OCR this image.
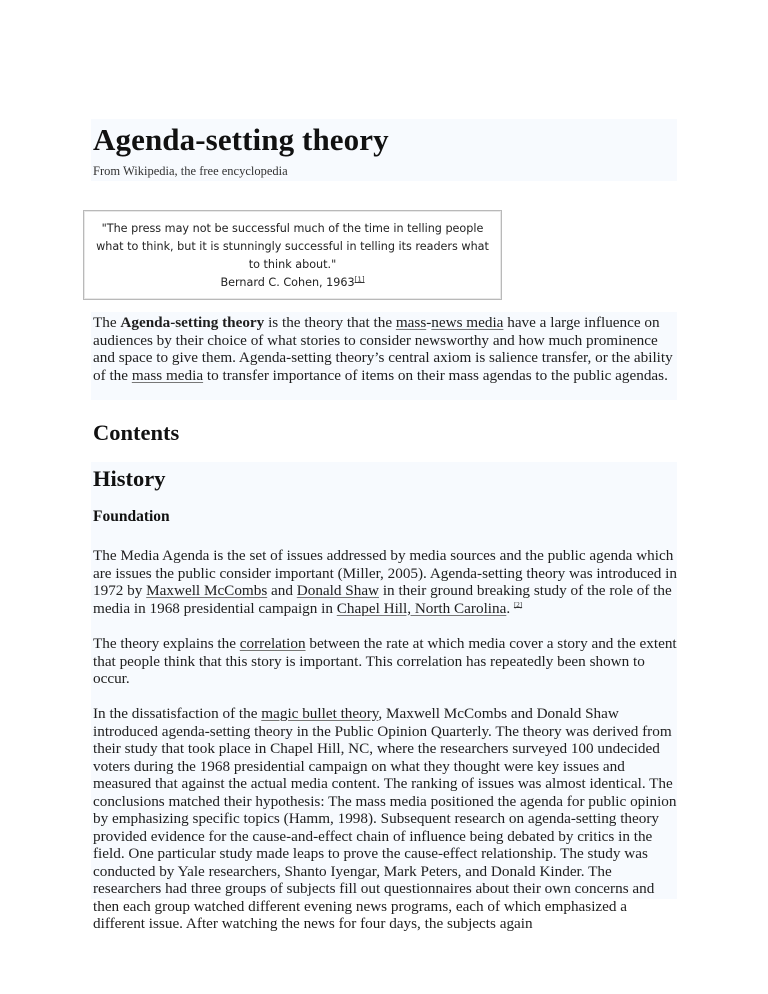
Agenda-setting theory

From Wikipedia, the free encyclopedia

"The press may not be successful much of the time in telling people what to think, but it is stunningly successful in telling its readers what to think about."

Bernard C. Cohen, 1963[1]

The Agenda-setting theory is the theory that the mass-news media have a large influence on audiences by their choice of what stories to consider newsworthy and how much prominence and space to give them. Agenda-setting theory’s central axiom is salience transfer, or the ability of the mass media to transfer importance of items on their mass agendas to the public agendas.

Contents
History
Foundation

The Media Agenda is the set of issues addressed by media sources and the public agenda which are issues the public consider important (Miller, 2005). Agenda-setting theory was introduced in 1972 by Maxwell McCombs and Donald Shaw in their ground breaking study of the role of the media in 1968 presidential campaign in Chapel Hill, North Carolina. [2]

The theory explains the correlation between the rate at which media cover a story and the extent that people think that this story is important. This correlation has repeatedly been shown to occur.

In the dissatisfaction of the magic bullet theory, Maxwell McCombs and Donald Shaw introduced agenda-setting theory in the Public Opinion Quarterly. The theory was derived from their study that took place in Chapel Hill, NC, where the researchers surveyed 100 undecided voters during the 1968 presidential campaign on what they thought were key issues and measured that against the actual media content. The ranking of issues was almost identical. The conclusions matched their hypothesis: The mass media positioned the agenda for public opinion by emphasizing specific topics (Hamm, 1998). Subsequent research on agenda-setting theory provided evidence for the cause-and-effect chain of influence being debated by critics in the field. One particular study made leaps to prove the cause-effect relationship. The study was conducted by Yale researchers, Shanto Iyengar, Mark Peters, and Donald Kinder. The researchers had three groups of subjects fill out questionnaires about their own concerns and then each group watched different evening news programs, each of which emphasized a different issue. After watching the news for four days, the subjects again
